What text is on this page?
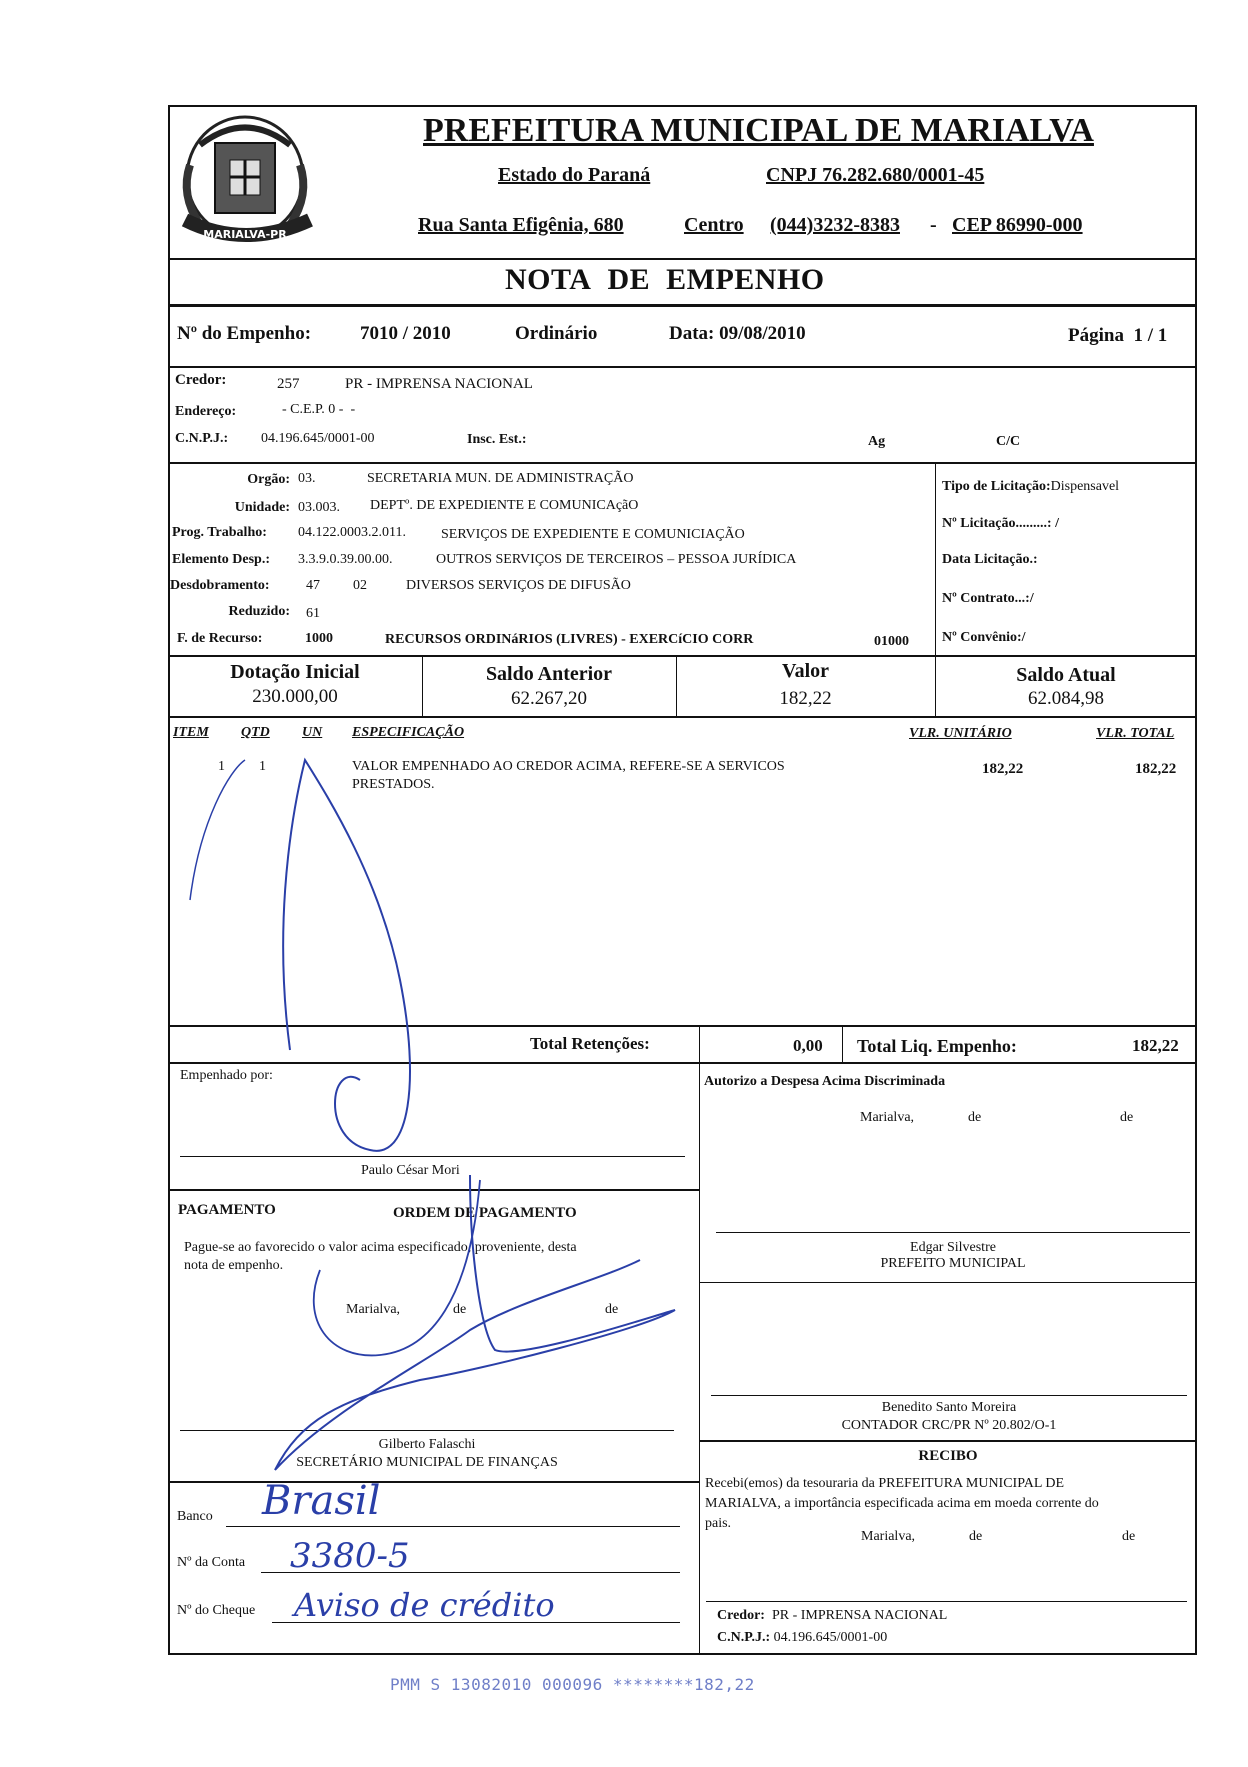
MARIALVA-PR
PREFEITURA MUNICIPAL DE MARIALVA
Estado do Paraná	CNPJ 76.282.680/0001-45
Rua Santa Efigênia, 680	Centro (044)3232-8383 - CEP 86990-000
NOTA DE EMPENHO
Nº do Empenho:	7010 / 2010	Ordinário	Data: 09/08/2010	Página  1 / 1
Credor:	257	PR - IMPRENSA NACIONAL
Endereço:	- C.E.P. 0 -  -
C.N.P.J.: 04.196.645/0001-00	Insc. Est.:	Ag	C/C
Orgão: 03.	SECRETARIA MUN. DE ADMINISTRAÇÃO
Unidade: 03.003. DEPTº. DE EXPEDIENTE E COMUNICAçãO
Prog. Trabalho: 04.122.0003.2.011.	SERVIÇOS DE EXPEDIENTE E COMUNICIAÇÃO
Elemento Desp.: 3.3.9.0.39.00.00.	OUTROS SERVIÇOS DE TERCEIROS – PESSOA JURÍDICA
Desdobramento:	47 02	DIVERSOS SERVIÇOS DE DIFUSÃO
Reduzido: 61
F. de Recurso:	1000	RECURSOS ORDINáRIOS (LIVRES) - EXERCíCIO CORR	01000
Tipo de Licitação:Dispensavel
Nº Licitação.........: /
Data Licitação.:
Nº Contrato...:/
Nº Convênio:/
Dotação Inicial
230.000,00
Saldo Anterior
62.267,20
Valor
182,22
Saldo Atual
62.084,98
ITEM QTD UN ESPECIFICAÇÃO	VLR. UNITÁRIO	VLR. TOTAL
1 1	VALOR EMPENHADO AO CREDOR ACIMA, REFERE-SE A SERVICOS
PRESTADOS.
182,22	182,22
Total Retenções:	0,00 Total Liq. Empenho:	182,22
Empenhado por:
Paulo César Mori
Autorizo a Despesa Acima Discriminada
Marialva,	de	de
Edgar Silvestre
PREFEITO MUNICIPAL
Benedito Santo Moreira
CONTADOR CRC/PR Nº 20.802/O-1
PAGAMENTO	ORDEM DE PAGAMENTO
Pague-se ao favorecido o valor acima especificado, proveniente, desta
nota de empenho.
Marialva,	de	de
Gilberto Falaschi
SECRETÁRIO MUNICIPAL DE FINANÇAS
Banco Brasil
Nº da Conta 3380-5
Nº do Cheque Aviso de crédito
RECIBO
Recebi(emos) da tesouraria da PREFEITURA MUNICIPAL DE
MARIALVA, a importância especificada acima em moeda corrente do
pais.
Marialva,	de	de
Credor: PR - IMPRENSA NACIONAL
C.N.P.J.: 04.196.645/0001-00
PMM S 13082010 000096 ********182,22
